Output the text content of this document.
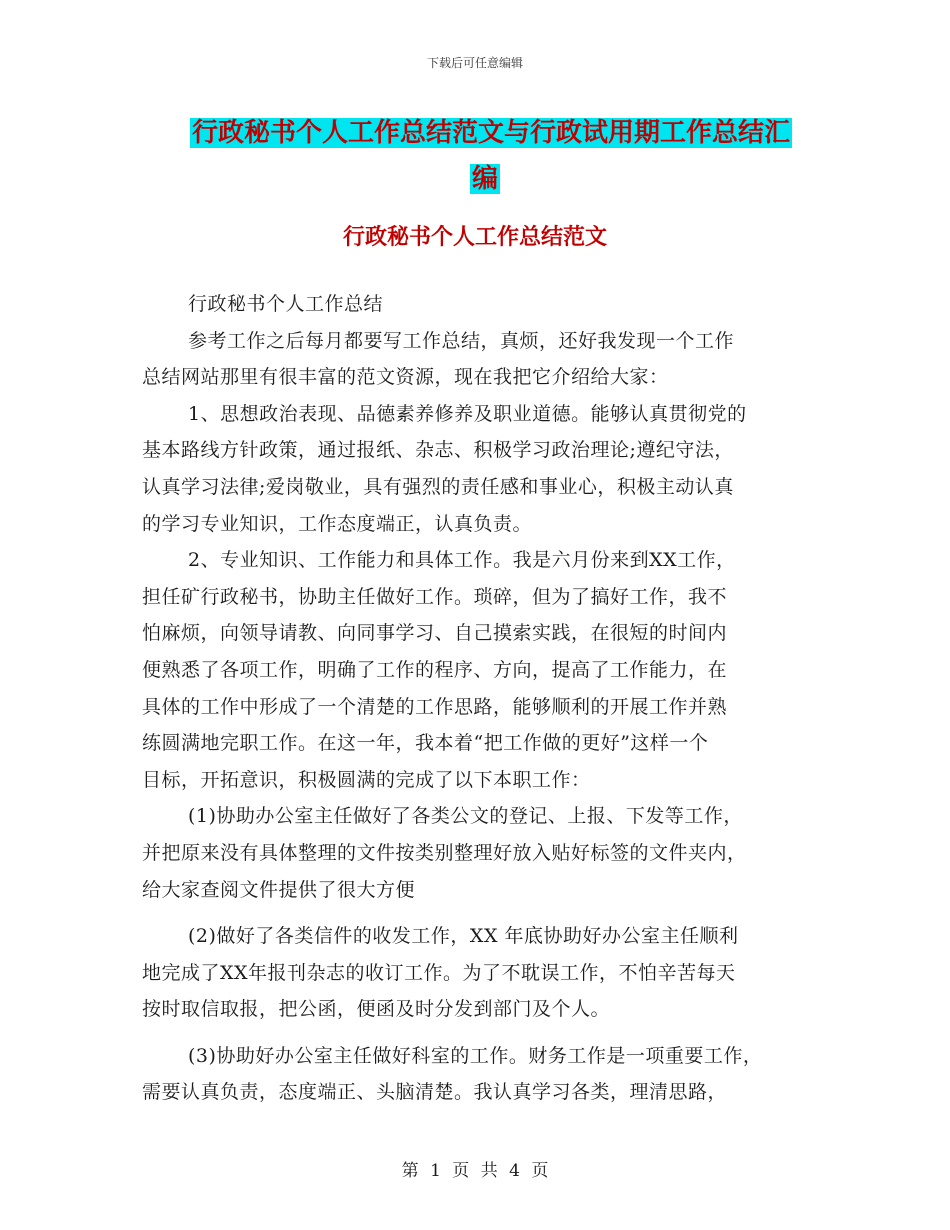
下载后可任意编辑
行政秘书个人工作总结范文与行政试用期工作总结汇
编
行政秘书个人工作总结范文
行政秘书个人工作总结
参考工作之后每月都要写工作总结，真烦，还好我发现一个工作
总结网站那里有很丰富的范文资源，现在我把它介绍给大家：
1、思想政治表现、品德素养修养及职业道德。能够认真贯彻党的
基本路线方针政策，通过报纸、杂志、积极学习政治理论;遵纪守法，
认真学习法律;爱岗敬业，具有强烈的责任感和事业心，积极主动认真
的学习专业知识，工作态度端正，认真负责。
2、专业知识、工作能力和具体工作。我是六月份来到XX工作，
担任矿行政秘书，协助主任做好工作。琐碎，但为了搞好工作，我不
怕麻烦，向领导请教、向同事学习、自己摸索实践，在很短的时间内
便熟悉了各项工作，明确了工作的程序、方向，提高了工作能力，在
具体的工作中形成了一个清楚的工作思路，能够顺利的开展工作并熟
练圆满地完职工作。在这一年，我本着“把工作做的更好”这样一个
目标，开拓意识，积极圆满的完成了以下本职工作：
(1)协助办公室主任做好了各类公文的登记、上报、下发等工作，
并把原来没有具体整理的文件按类别整理好放入贴好标签的文件夹内，
给大家查阅文件提供了很大方便
(2)做好了各类信件的收发工作，XX 年底协助好办公室主任顺利
地完成了XX年报刊杂志的收订工作。为了不耽误工作，不怕辛苦每天
按时取信取报，把公函，便函及时分发到部门及个人。
(3)协助好办公室主任做好科室的工作。财务工作是一项重要工作，
需要认真负责，态度端正、头脑清楚。我认真学习各类，理清思路，
第 1 页 共 4 页
